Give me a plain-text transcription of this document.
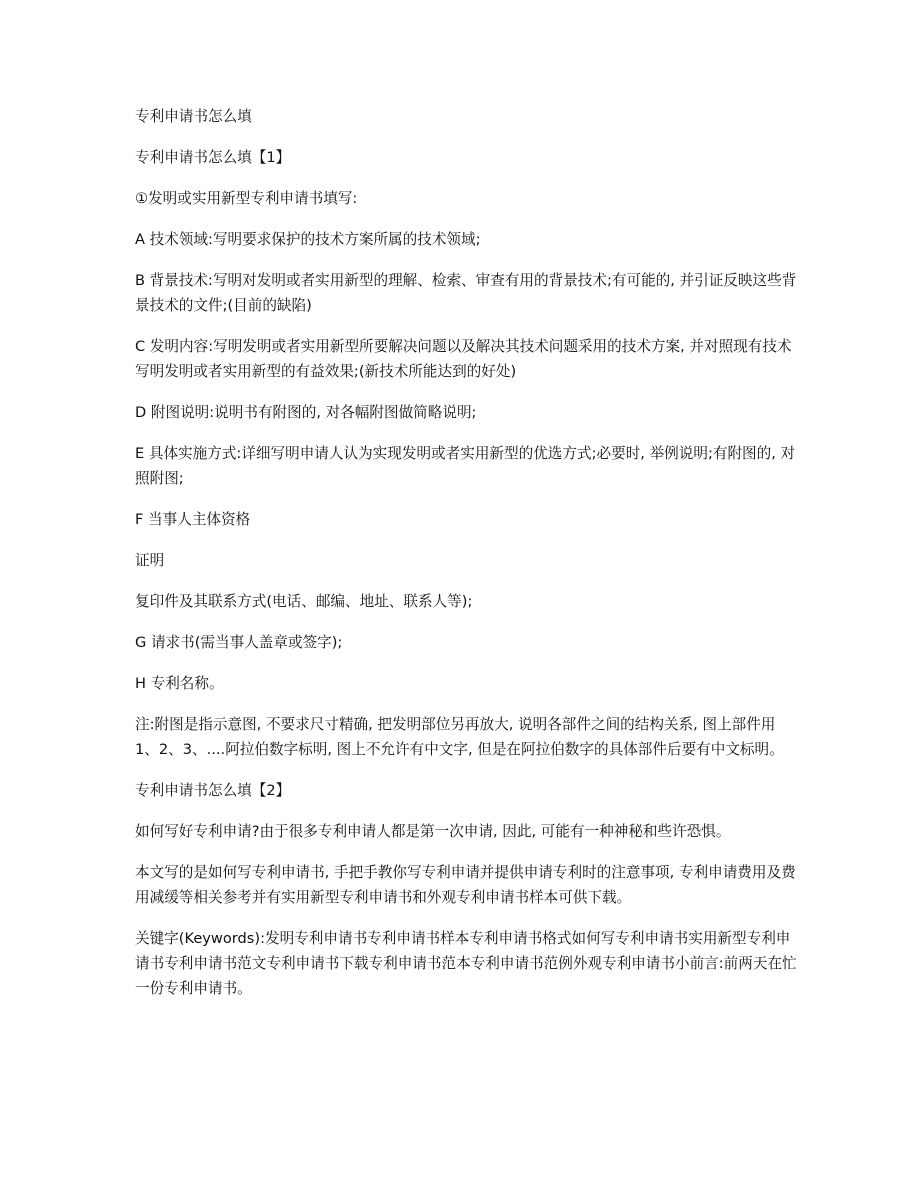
专利申请书怎么填

专利申请书怎么填【1】

①发明或实用新型专利申请书填写:

A 技术领域:写明要求保护的技术方案所属的技术领域;

B 背景技术:写明对发明或者实用新型的理解、检索、审查有用的背景技术;有可能的, 并引证反映这些背景技术的文件;(目前的缺陷)

C 发明内容:写明发明或者实用新型所要解决问题以及解决其技术问题采用的技术方案, 并对照现有技术写明发明或者实用新型的有益效果;(新技术所能达到的好处)

D 附图说明:说明书有附图的, 对各幅附图做简略说明;

E 具体实施方式:详细写明申请人认为实现发明或者实用新型的优选方式;必要时, 举例说明;有附图的, 对照附图;

F 当事人主体资格

证明

复印件及其联系方式(电话、邮编、地址、联系人等);

G 请求书(需当事人盖章或签字);

H 专利名称。

注:附图是指示意图, 不要求尺寸精确, 把发明部位另再放大, 说明各部件之间的结构关系, 图上部件用 1、2、3、....阿拉伯数字标明, 图上不允许有中文字, 但是在阿拉伯数字的具体部件后要有中文标明。

专利申请书怎么填【2】

如何写好专利申请?由于很多专利申请人都是第一次申请, 因此, 可能有一种神秘和些许恐惧。

本文写的是如何写专利申请书, 手把手教你写专利申请并提供申请专利时的注意事项, 专利申请费用及费用减缓等相关参考并有实用新型专利申请书和外观专利申请书样本可供下载。

关键字(Keywords):发明专利申请书专利申请书样本专利申请书格式如何写专利申请书实用新型专利申请书专利申请书范文专利申请书下载专利申请书范本专利申请书范例外观专利申请书小前言:前两天在忙一份专利申请书。
